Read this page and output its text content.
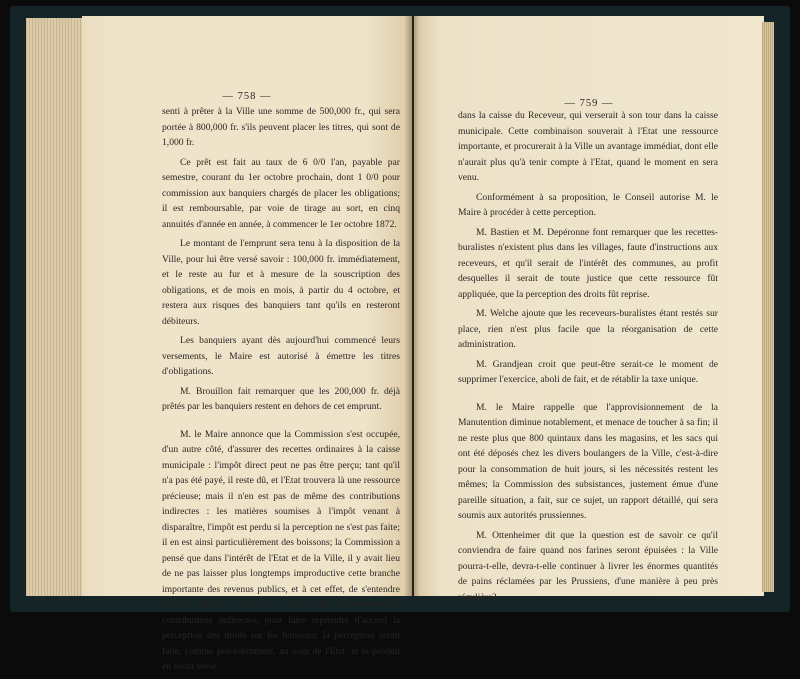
— 758 —

senti à prêter à la Ville une somme de 500,000 fr., qui sera portée à 800,000 fr. s'ils peuvent placer les titres, qui sont de 1,000 fr.

Ce prêt est fait au taux de 6 0/0 l'an, payable par semestre, courant du 1er octobre prochain, dont 1 0/0 pour commission aux banquiers chargés de placer les obligations; il est remboursable, par voie de tirage au sort, en cinq annuités d'année en année, à commencer le 1er octobre 1872.

Le montant de l'emprunt sera tenu à la disposition de la Ville, pour lui être versé savoir : 100,000 fr. immédiatement, et le reste au fur et à mesure de la souscription des obligations, et de mois en mois, à partir du 4 octobre, et restera aux risques des banquiers tant qu'ils en resteront débiteurs.

Les banquiers ayant dès aujourd'hui commencé leurs versements, le Maire est autorisé à émettre les titres d'obligations.

M. Brouillon fait remarquer que les 200,000 fr. déjà prêtés par les banquiers restent en dehors de cet emprunt.

M. le Maire annonce que la Commission s'est occupée, d'un autre côté, d'assurer des recettes ordinaires à la caisse municipale : l'impôt direct peut ne pas être perçu; tant qu'il n'a pas été payé, il reste dû, et l'Etat trouvera là une ressource précieuse; mais il n'en est pas de même des contributions indirectes : les matières soumises à l'impôt venant à disparaître, l'impôt est perdu si la perception ne s'est pas faite; il en est ainsi particulièrement des boissons; la Commission a pensé que dans l'intérêt de l'Etat et de la Ville, il y avait lieu de ne pas laisser plus longtemps improductive cette branche importante des revenus publics, et à cet effet, de s'entendre avec le Préposé en chef de l'octroi et le Receveur des contributions indirectes, pour faire reprendre d'accord la perception des droits sur les boissons; la perception serait faite, comme précédemment, au nom de l'Etat, et le produit en serait versé

— 759 —

dans la caisse du Receveur, qui verserait à son tour dans la caisse municipale. Cette combinaison souverait à l'Etat une ressource importante, et procurerait à la Ville un avantage immédiat, dont elle n'aurait plus qu'à tenir compte à l'Etat, quand le moment en sera venu.

Conformément à sa proposition, le Conseil autorise M. le Maire à procéder à cette perception.

M. Bastien et M. Depéronne font remarquer que les recettes-buralistes n'existent plus dans les villages, faute d'instructions aux receveurs, et qu'il serait de l'intérêt des communes, au profit desquelles il serait de toute justice que cette ressource fût appliquée, que la perception des droits fût reprise.

M. Welche ajoute que les receveurs-buralistes étant restés sur place, rien n'est plus facile que la réorganisation de cette administration.

M. Grandjean croit que peut-être serait-ce le moment de supprimer l'exercice, aboli de fait, et de rétablir la taxe unique.

M. le Maire rappelle que l'approvisionnement de la Manutention diminue notablement, et menace de toucher à sa fin; il ne reste plus que 800 quintaux dans les magasins, et les sacs qui ont été déposés chez les divers boulangers de la Ville, c'est-à-dire pour la consommation de huit jours, si les nécessités restent les mêmes; la Commission des subsistances, justement émue d'une pareille situation, a fait, sur ce sujet, un rapport détaillé, qui sera soumis aux autorités prussiennes.

M. Ottenheimer dit que la question est de savoir ce qu'il conviendra de faire quand nos farines seront épuisées : la Ville pourra-t-elle, devra-t-elle continuer à livrer les énormes quantités de pains réclamées par les Prussiens, d'une manière à peu près régulière?
